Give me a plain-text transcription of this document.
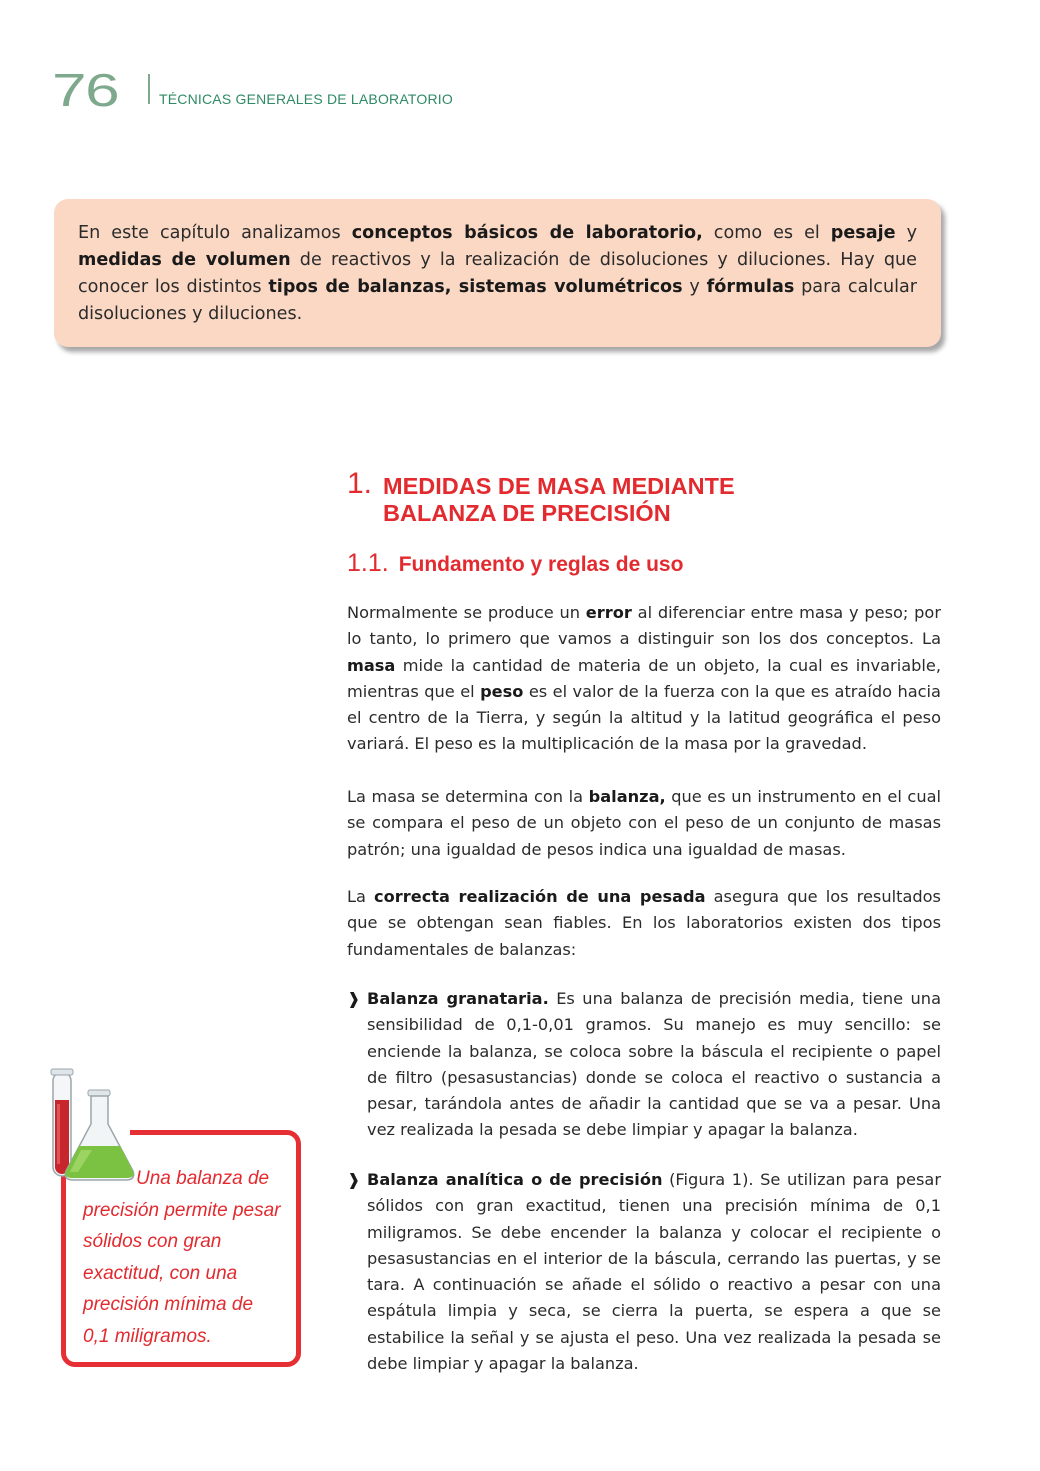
76	TÉCNICAS GENERALES DE LABORATORIO

En este capítulo analizamos conceptos básicos de laboratorio, como es el pesaje y medidas de volumen de reactivos y la realización de disoluciones y diluciones. Hay que conocer los distintos tipos de balanzas, sistemas volumétricos y fórmulas para calcular disoluciones y diluciones.

1. MEDIDAS DE MASA MEDIANTE
BALANZA DE PRECISIÓN
1.1. Fundamento y reglas de uso

Normalmente se produce un error al diferenciar entre masa y peso; por lo tanto, lo primero que vamos a distinguir son los dos conceptos. La masa mide la cantidad de materia de un objeto, la cual es invariable, mientras que el peso es el valor de la fuerza con la que es atraído hacia el centro de la Tierra, y según la altitud y la latitud geográfica el peso variará. El peso es la multiplicación de la masa por la gravedad.

La masa se determina con la balanza, que es un instrumento en el cual se compara el peso de un objeto con el peso de un conjunto de masas patrón; una igualdad de pesos indica una igualdad de masas.

La correcta realización de una pesada asegura que los resultados que se obtengan sean fiables. En los laboratorios existen dos tipos fundamentales de balanzas:

❱ Balanza granataria. Es una balanza de precisión media, tiene una sensibilidad de 0,1-0,01 gramos. Su manejo es muy sencillo: se enciende la balanza, se coloca sobre la báscula el recipiente o papel de filtro (pesasustancias) donde se coloca el reactivo o sustancia a pesar, tarándola antes de añadir la cantidad que se va a pesar. Una vez realizada la pesada se debe limpiar y apagar la balanza.

❱ Balanza analítica o de precisión (Figura 1). Se utilizan para pesar sólidos con gran exactitud, tienen una precisión mínima de 0,1 miligramos. Se debe encender la balanza y colocar el recipiente o pesasustancias en el interior de la báscula, cerrando las puertas, y se tara. A continuación se añade el sólido o reactivo a pesar con una espátula limpia y seca, se cierra la puerta, se espera a que se estabilice la señal y se ajusta el peso. Una vez realizada la pesada se debe limpiar y apagar la balanza.

Una balanza de precisión permite pesar sólidos con gran exactitud, con una precisión mínima de 0,1 miligramos.
